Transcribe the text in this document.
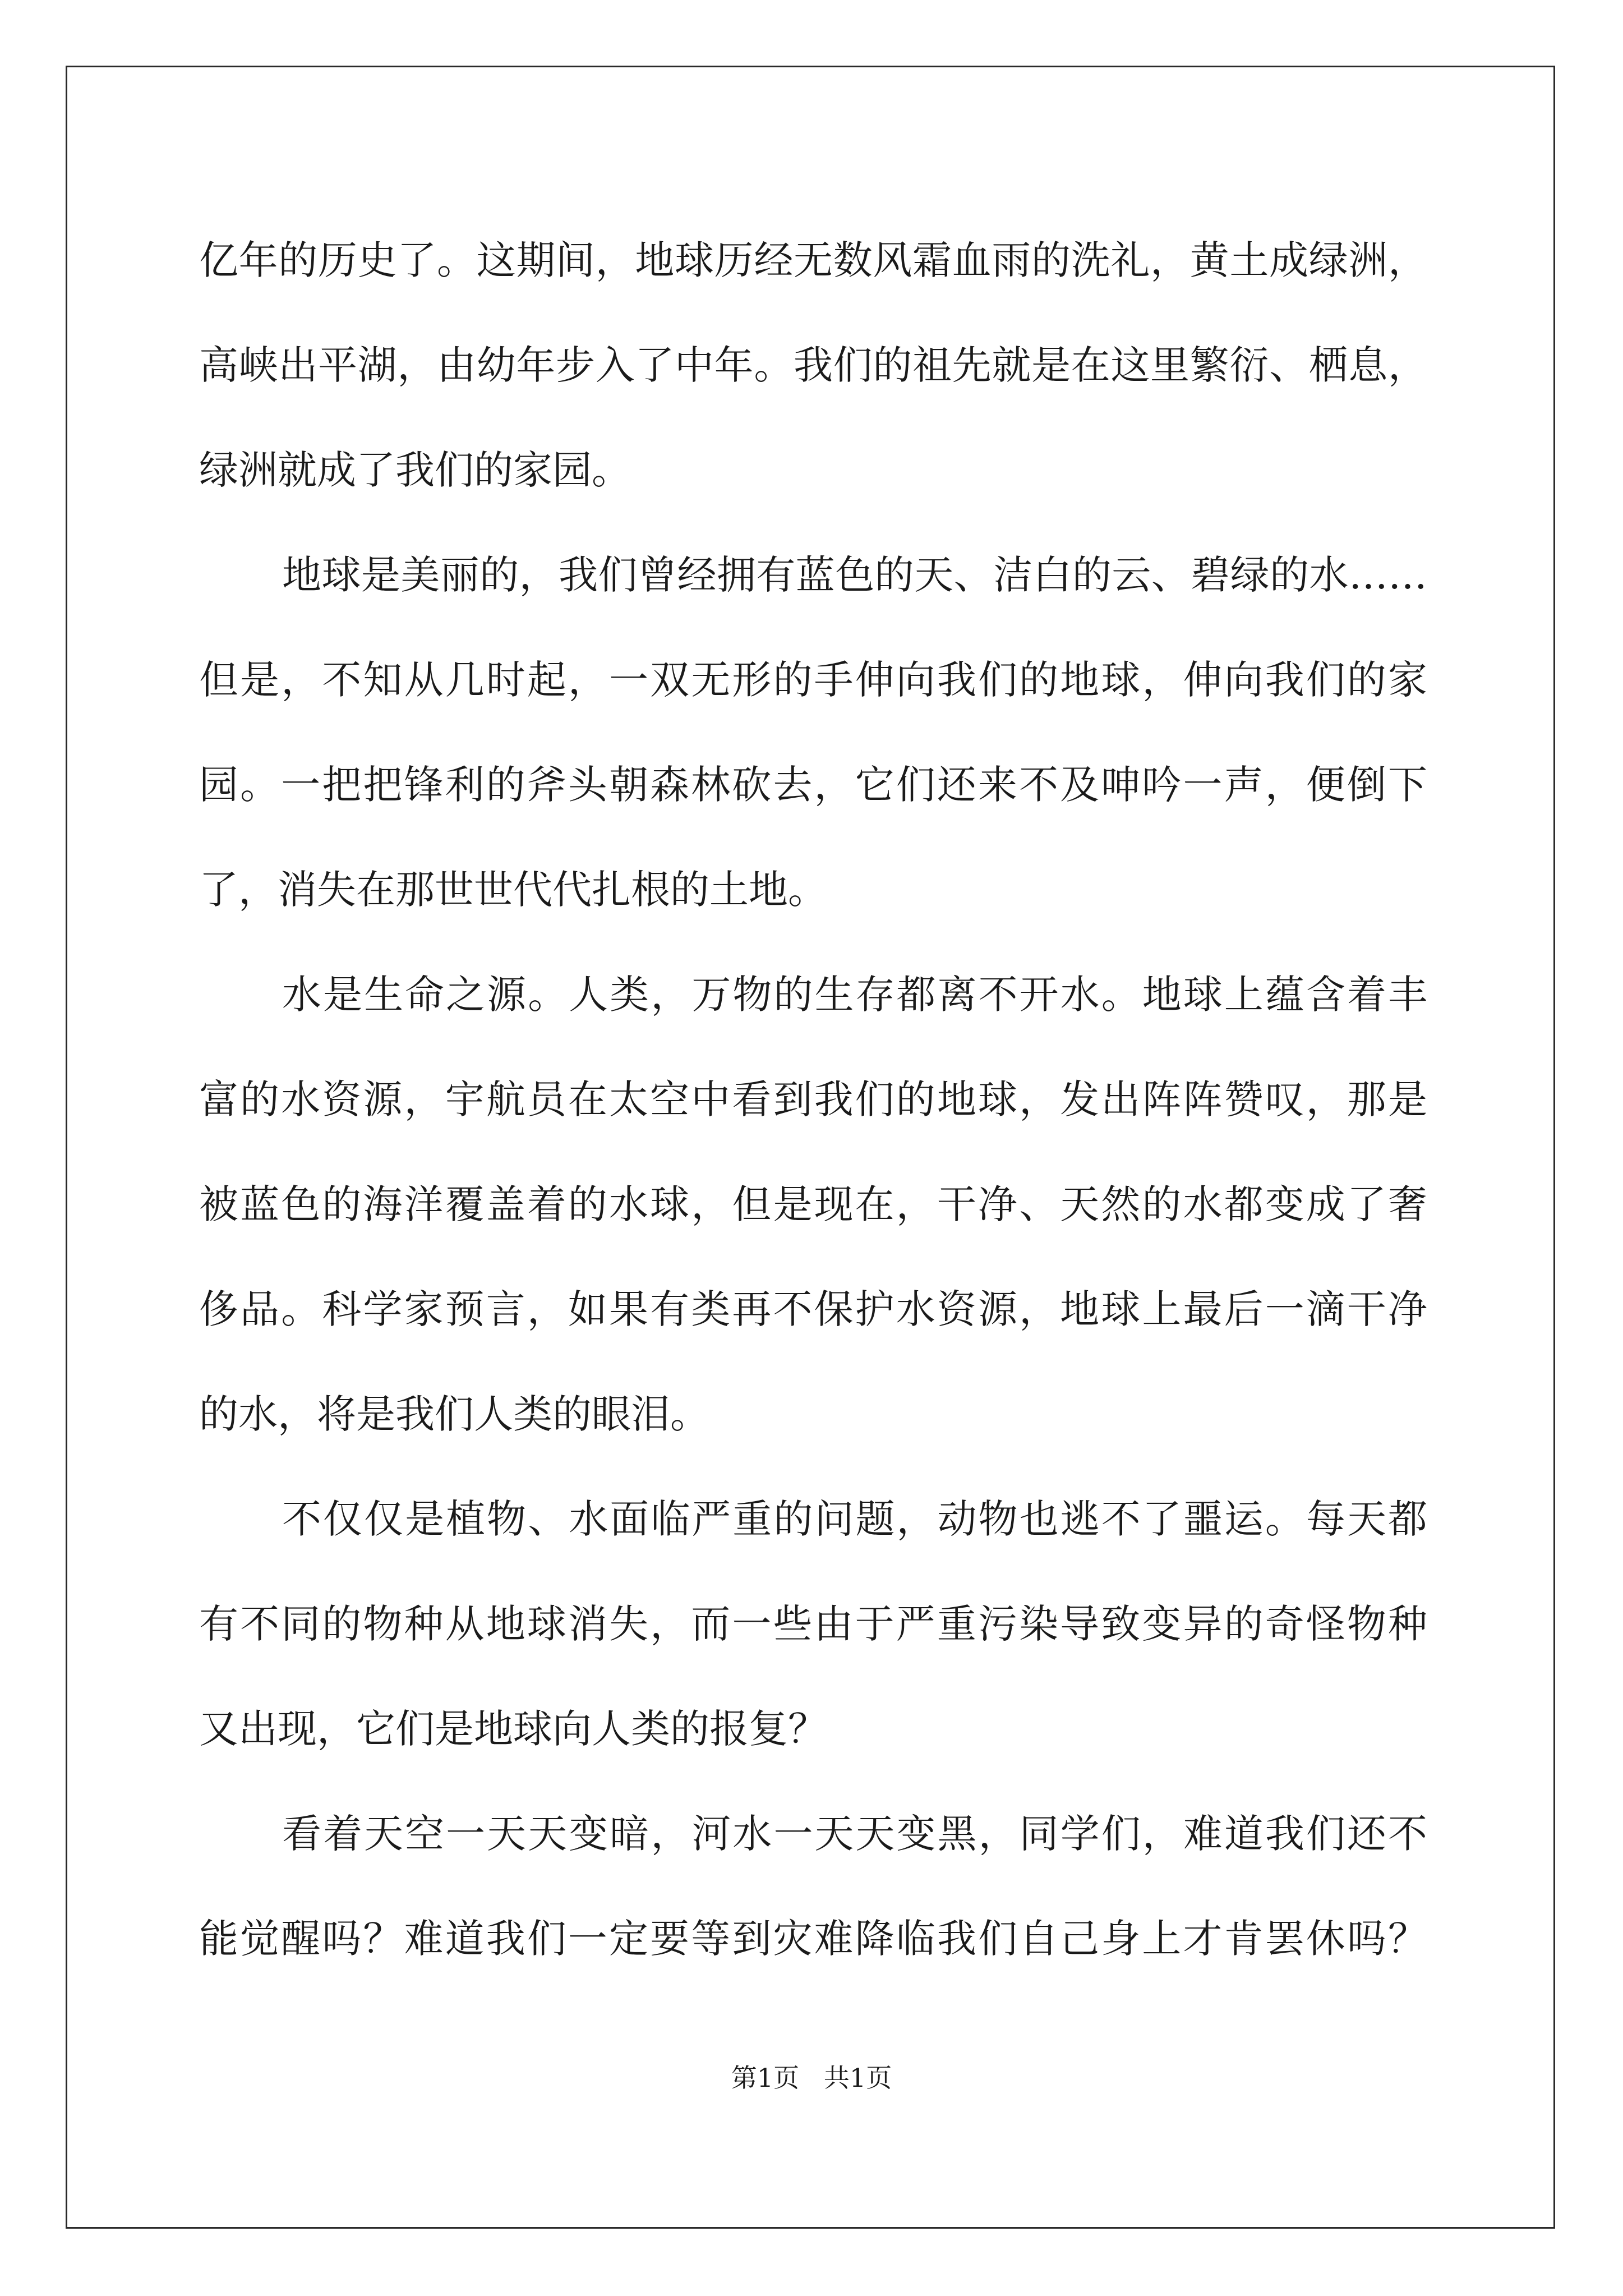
亿年的历史了。这期间，地球历经无数风霜血雨的洗礼，黄土成绿洲，
高峡出平湖，由幼年步入了中年。我们的祖先就是在这里繁衍、栖息，
绿洲就成了我们的家园。
地球是美丽的，我们曾经拥有蓝色的天、洁白的云、碧绿的水……
但是，不知从几时起，一双无形的手伸向我们的地球，伸向我们的家
园。一把把锋利的斧头朝森林砍去，它们还来不及呻吟一声，便倒下
了，消失在那世世代代扎根的土地。
水是生命之源。人类，万物的生存都离不开水。地球上蕴含着丰
富的水资源，宇航员在太空中看到我们的地球，发出阵阵赞叹，那是
被蓝色的海洋覆盖着的水球，但是现在，干净、天然的水都变成了奢
侈品。科学家预言，如果有类再不保护水资源，地球上最后一滴干净
的水，将是我们人类的眼泪。
不仅仅是植物、水面临严重的问题，动物也逃不了噩运。每天都
有不同的物种从地球消失，而一些由于严重污染导致变异的奇怪物种
又出现，它们是地球向人类的报复？
看着天空一天天变暗，河水一天天变黑，同学们，难道我们还不
能觉醒吗？难道我们一定要等到灾难降临我们自己身上才肯罢休吗？
第1页   共1页
